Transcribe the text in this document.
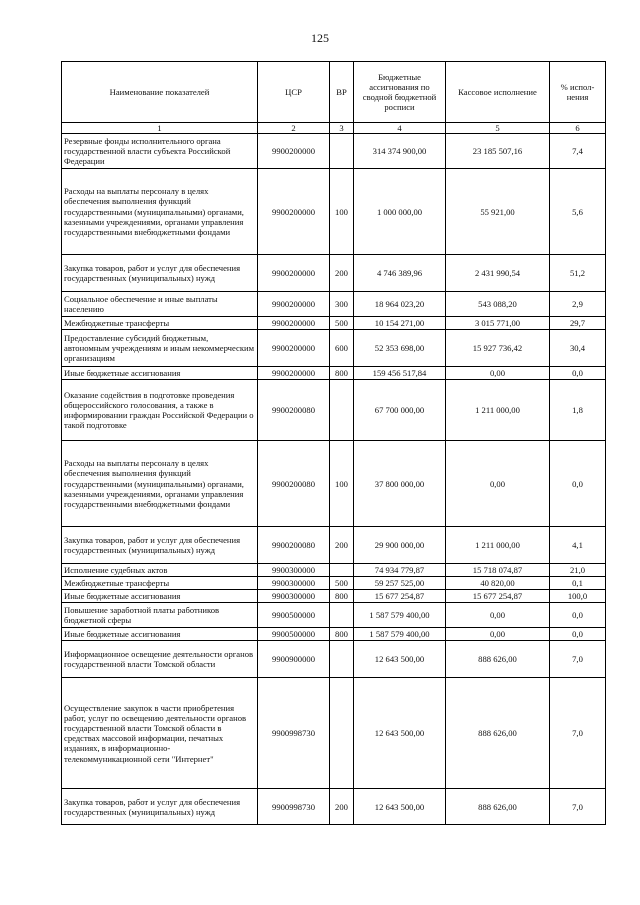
125
Наименование показателей	ЦСР	ВР	Бюджетные ассигнования по сводной бюджетной росписи	Кассовое исполнение	% испол-нения
1	2	3	4	5	6
Резервные фонды исполнительного органа государственной власти субъекта Российской Федерации	9900200000		314 374 900,00	23 185 507,16	7,4
Расходы на выплаты персоналу в целях обеспечения выполнения функций государственными (муниципальными) органами, казенными учреждениями, органами управления государственными внебюджетными фондами	9900200000	100	1 000 000,00	55 921,00	5,6
Закупка товаров, работ и услуг для обеспечения государственных (муниципальных) нужд	9900200000	200	4 746 389,96	2 431 990,54	51,2
Социальное обеспечение и иные выплаты населению	9900200000	300	18 964 023,20	543 088,20	2,9
Межбюджетные трансферты	9900200000	500	10 154 271,00	3 015 771,00	29,7
Предоставление субсидий бюджетным, автономным учреждениям и иным некоммерческим организациям	9900200000	600	52 353 698,00	15 927 736,42	30,4
Иные бюджетные ассигнования	9900200000	800	159 456 517,84	0,00	0,0
Оказание содействия в подготовке проведения общероссийского голосования, а также в информировании граждан Российской Федерации о такой подготовке	9900200080		67 700 000,00	1 211 000,00	1,8
Расходы на выплаты персоналу в целях обеспечения выполнения функций государственными (муниципальными) органами, казенными учреждениями, органами управления государственными внебюджетными фондами	9900200080	100	37 800 000,00	0,00	0,0
Закупка товаров, работ и услуг для обеспечения государственных (муниципальных) нужд	9900200080	200	29 900 000,00	1 211 000,00	4,1
Исполнение судебных актов	9900300000		74 934 779,87	15 718 074,87	21,0
Межбюджетные трансферты	9900300000	500	59 257 525,00	40 820,00	0,1
Иные бюджетные ассигнования	9900300000	800	15 677 254,87	15 677 254,87	100,0
Повышение заработной платы работников бюджетной сферы	9900500000		1 587 579 400,00	0,00	0,0
Иные бюджетные ассигнования	9900500000	800	1 587 579 400,00	0,00	0,0
Информационное освещение деятельности органов государственной власти Томской области	9900900000		12 643 500,00	888 626,00	7,0
Осуществление закупок в части приобретения работ, услуг по освещению деятельности органов государственной власти Томской области в средствах массовой информации, печатных изданиях, в информационно-телекоммуникационной сети "Интернет"	9900998730		12 643 500,00	888 626,00	7,0
Закупка товаров, работ и услуг для обеспечения государственных (муниципальных) нужд	9900998730	200	12 643 500,00	888 626,00	7,0
